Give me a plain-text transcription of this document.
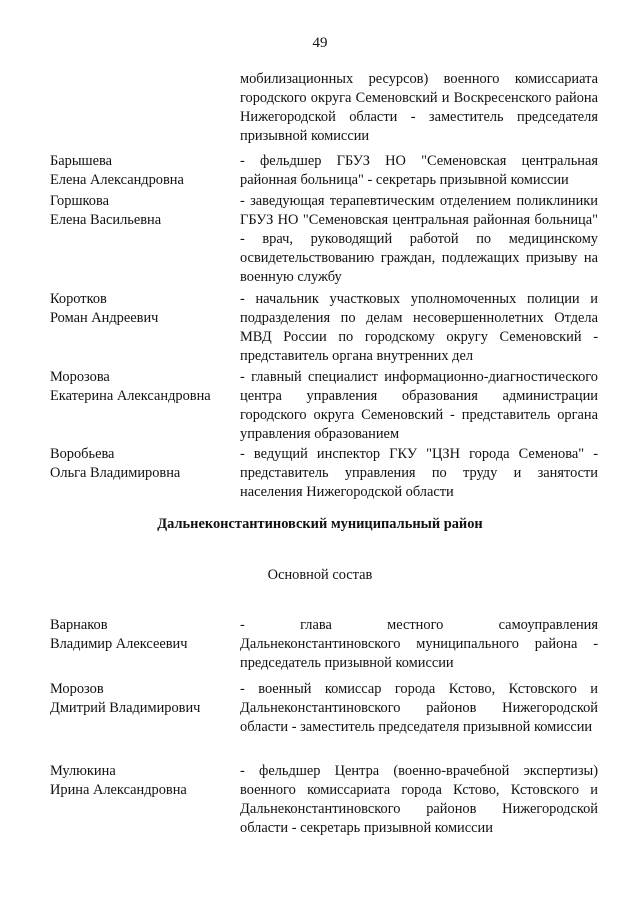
49
мобилизационных ресурсов) военного комиссариата городского округа Семеновский и Воскресенского района Нижегородской области - заместитель председателя призывной комиссии
Барышева
Елена Александровна
- фельдшер ГБУЗ НО "Семеновская центральная районная больница" - секретарь призывной комиссии
Горшкова
Елена Васильевна
- заведующая терапевтическим отделением поликлиники ГБУЗ НО "Семеновская центральная районная больница" - врач, руководящий работой по медицинскому освидетельствованию граждан, подлежащих призыву на военную службу
Коротков
Роман Андреевич
- начальник участковых уполномоченных полиции и подразделения по делам несовершеннолетних Отдела МВД России по городскому округу Семеновский - представитель органа внутренних дел
Морозова
Екатерина Александровна
- главный специалист информационно-диагностического центра управления образования администрации городского округа Семеновский - представитель органа управления образованием
Воробьева
Ольга Владимировна
- ведущий инспектор ГКУ "ЦЗН города Семенова" - представитель управления по труду и занятости населения Нижегородской области
Дальнеконстантиновский муниципальный район
Основной состав
Варнаков
Владимир Алексеевич
- глава местного самоуправления Дальнеконстантиновского муниципального района - председатель призывной комиссии
Морозов
Дмитрий Владимирович
- военный комиссар города Кстово, Кстовского и Дальнеконстантиновского районов Нижегородской области - заместитель председателя призывной комиссии
Мулюкина
Ирина Александровна
- фельдшер Центра (военно-врачебной экспертизы) военного комиссариата города Кстово, Кстовского и Дальнеконстантиновского районов Нижегородской области - секретарь призывной комиссии
